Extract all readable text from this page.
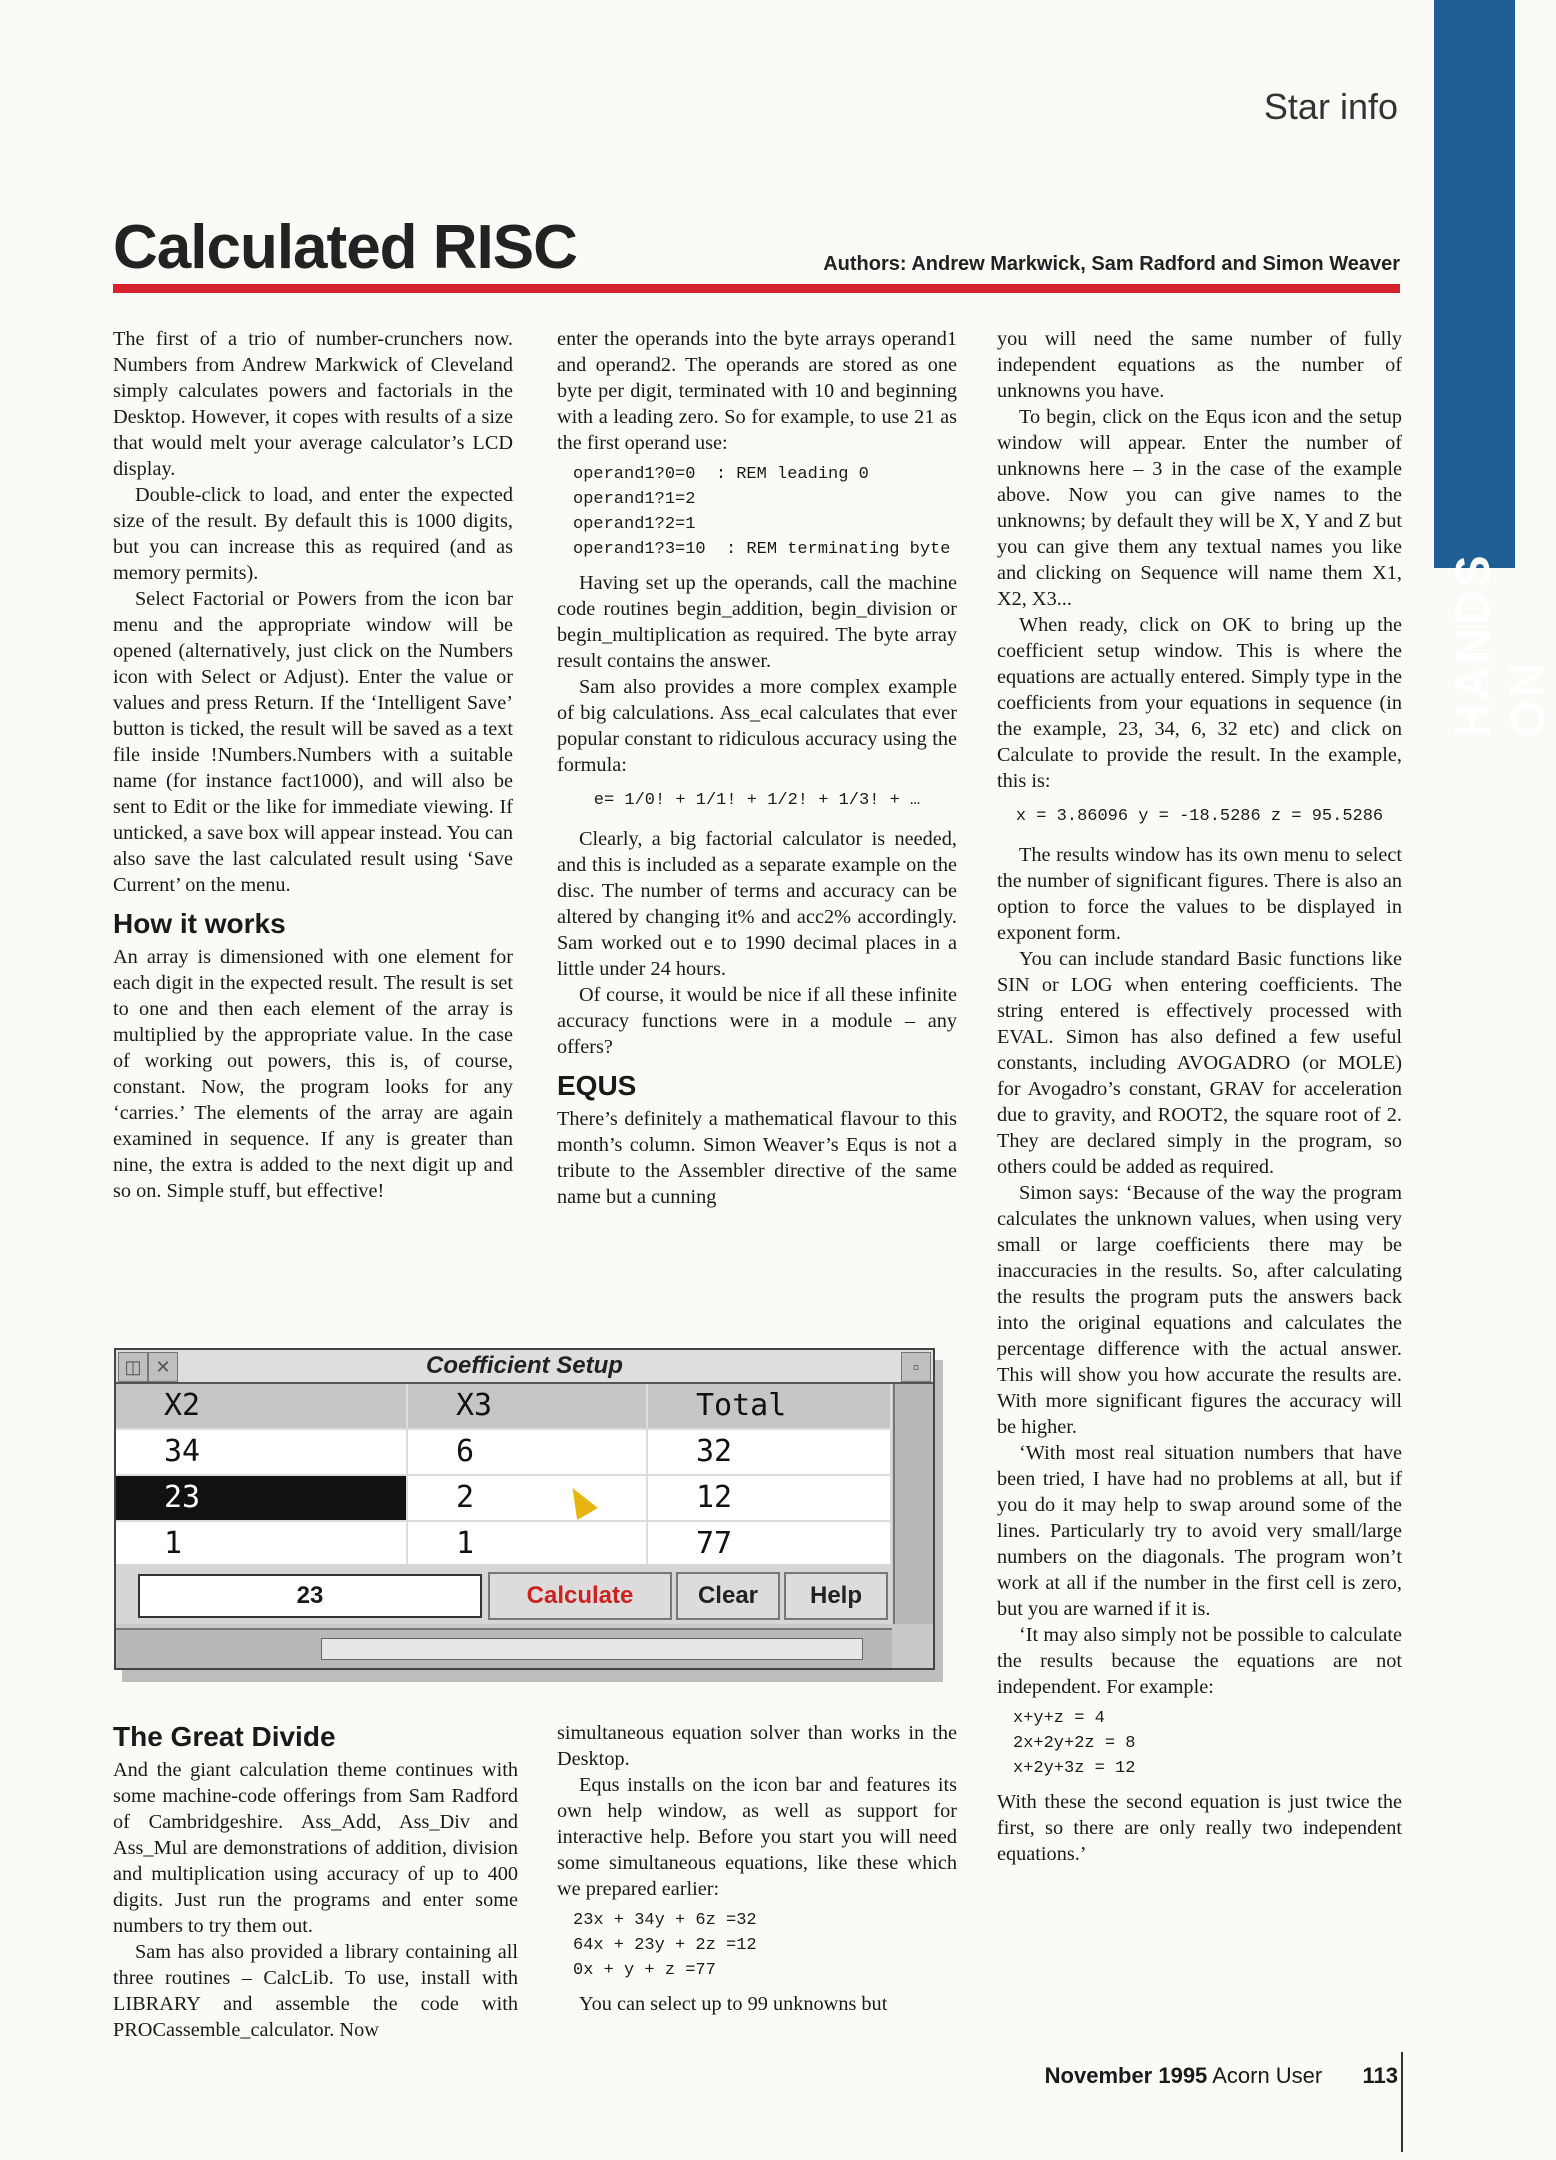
HANDS ON
Star info
Calculated RISC	Authors: Andrew Markwick, Sam Radford and Simon Weaver

The first of a trio of number-crunchers now. Numbers from Andrew Markwick of Cleveland simply calculates powers and factorials in the Desktop. However, it copes with results of a size that would melt your average calculator’s LCD display.

Double-click to load, and enter the expected size of the result. By default this is 1000 digits, but you can increase this as required (and as memory permits).

Select Factorial or Powers from the icon bar menu and the appropriate window will be opened (alternatively, just click on the Numbers icon with Select or Adjust). Enter the value or values and press Return. If the ‘Intelligent Save’ button is ticked, the result will be saved as a text file inside !Numbers.Numbers with a suitable name (for instance fact1000), and will also be sent to Edit or the like for immediate viewing. If unticked, a save box will appear instead. You can also save the last calculated result using ‘Save Current’ on the menu.

How it works

An array is dimensioned with one element for each digit in the expected result. The result is set to one and then each element of the array is multiplied by the appropriate value. In the case of working out powers, this is, of course, constant. Now, the program looks for any ‘carries.’ The elements of the array are again examined in sequence. If any is greater than nine, the extra is added to the next digit up and so on. Simple stuff, but effective!

enter the operands into the byte arrays operand1 and operand2. The operands are stored as one byte per digit, terminated with 10 and beginning with a leading zero. So for example, to use 21 as the first operand use:

operand1?0=0  : REM leading 0
operand1?1=2
operand1?2=1
operand1?3=10  : REM terminating byte

Having set up the operands, call the machine code routines begin_addition, begin_division or begin_multiplication as required. The byte array result contains the answer.

Sam also provides a more complex example of big calculations. Ass_ecal calculates that ever popular constant to ridiculous accuracy using the formula:

e= 1/0! + 1/1! + 1/2! + 1/3! + …

Clearly, a big factorial calculator is needed, and this is included as a separate example on the disc. The number of terms and accuracy can be altered by changing it% and acc2% accordingly. Sam worked out e to 1990 decimal places in a little under 24 hours.

Of course, it would be nice if all these infinite accuracy functions were in a module – any offers?

EQUS

There’s definitely a mathematical flavour to this month’s column. Simon Weaver’s Equs is not a tribute to the Assembler directive of the same name but a cunning

you will need the same number of fully independent equations as the number of unknowns you have.

To begin, click on the Equs icon and the setup window will appear. Enter the number of unknowns here – 3 in the case of the example above. Now you can give names to the unknowns; by default they will be X, Y and Z but you can give them any textual names you like and clicking on Sequence will name them X1, X2, X3...

When ready, click on OK to bring up the coefficient setup window. This is where the equations are actually entered. Simply type in the coefficients from your equations in sequence (in the example, 23, 34, 6, 32 etc) and click on Calculate to provide the result. In the example, this is:

x = 3.86096 y = -18.5286 z = 95.5286

The results window has its own menu to select the number of significant figures. There is also an option to force the values to be displayed in exponent form.

You can include standard Basic functions like SIN or LOG when entering coefficients. The string entered is effectively processed with EVAL. Simon has also defined a few useful constants, including AVOGADRO (or MOLE) for Avogadro’s constant, GRAV for acceleration due to gravity, and ROOT2, the square root of 2. They are declared simply in the program, so others could be added as required.

Simon says: ‘Because of the way the program calculates the unknown values, when using very small or large coefficients there may be inaccuracies in the results. So, after calculating the results the program puts the answers back into the original equations and calculates the percentage difference with the actual answer. This will show you how accurate the results are. With more significant figures the accuracy will be higher.

‘With most real situation numbers that have been tried, I have had no problems at all, but if you do it may help to swap around some of the lines. Particularly try to avoid very small/large numbers on the diagonals. The program won’t work at all if the number in the first cell is zero, but you are warned if it is.

‘It may also simply not be possible to calculate the results because the equations are not independent. For example:

x+y+z = 4
2x+2y+2z = 8
x+2y+3z = 12

With these the second equation is just twice the first, so there are only really two independent equations.’

Coefficient Setup
◫ ✕	▫
X2	X3	Total
34	6	32
23	2	12
1	1	77
23	Calculate	Clear	Help
The Great Divide

And the giant calculation theme continues with some machine-code offerings from Sam Radford of Cambridgeshire. Ass_Add, Ass_Div and Ass_Mul are demonstrations of addition, division and multiplication using accuracy of up to 400 digits. Just run the programs and enter some numbers to try them out.

Sam has also provided a library containing all three routines – CalcLib. To use, install with LIBRARY and assemble the code with PROCassemble_calculator. Now

simultaneous equation solver than works in the Desktop.

Equs installs on the icon bar and features its own help window, as well as support for interactive help. Before you start you will need some simultaneous equations, like these which we prepared earlier:

23x + 34y + 6z =32
64x + 23y + 2z =12
0x + y + z =77

You can select up to 99 unknowns but

November 1995 Acorn User 113
